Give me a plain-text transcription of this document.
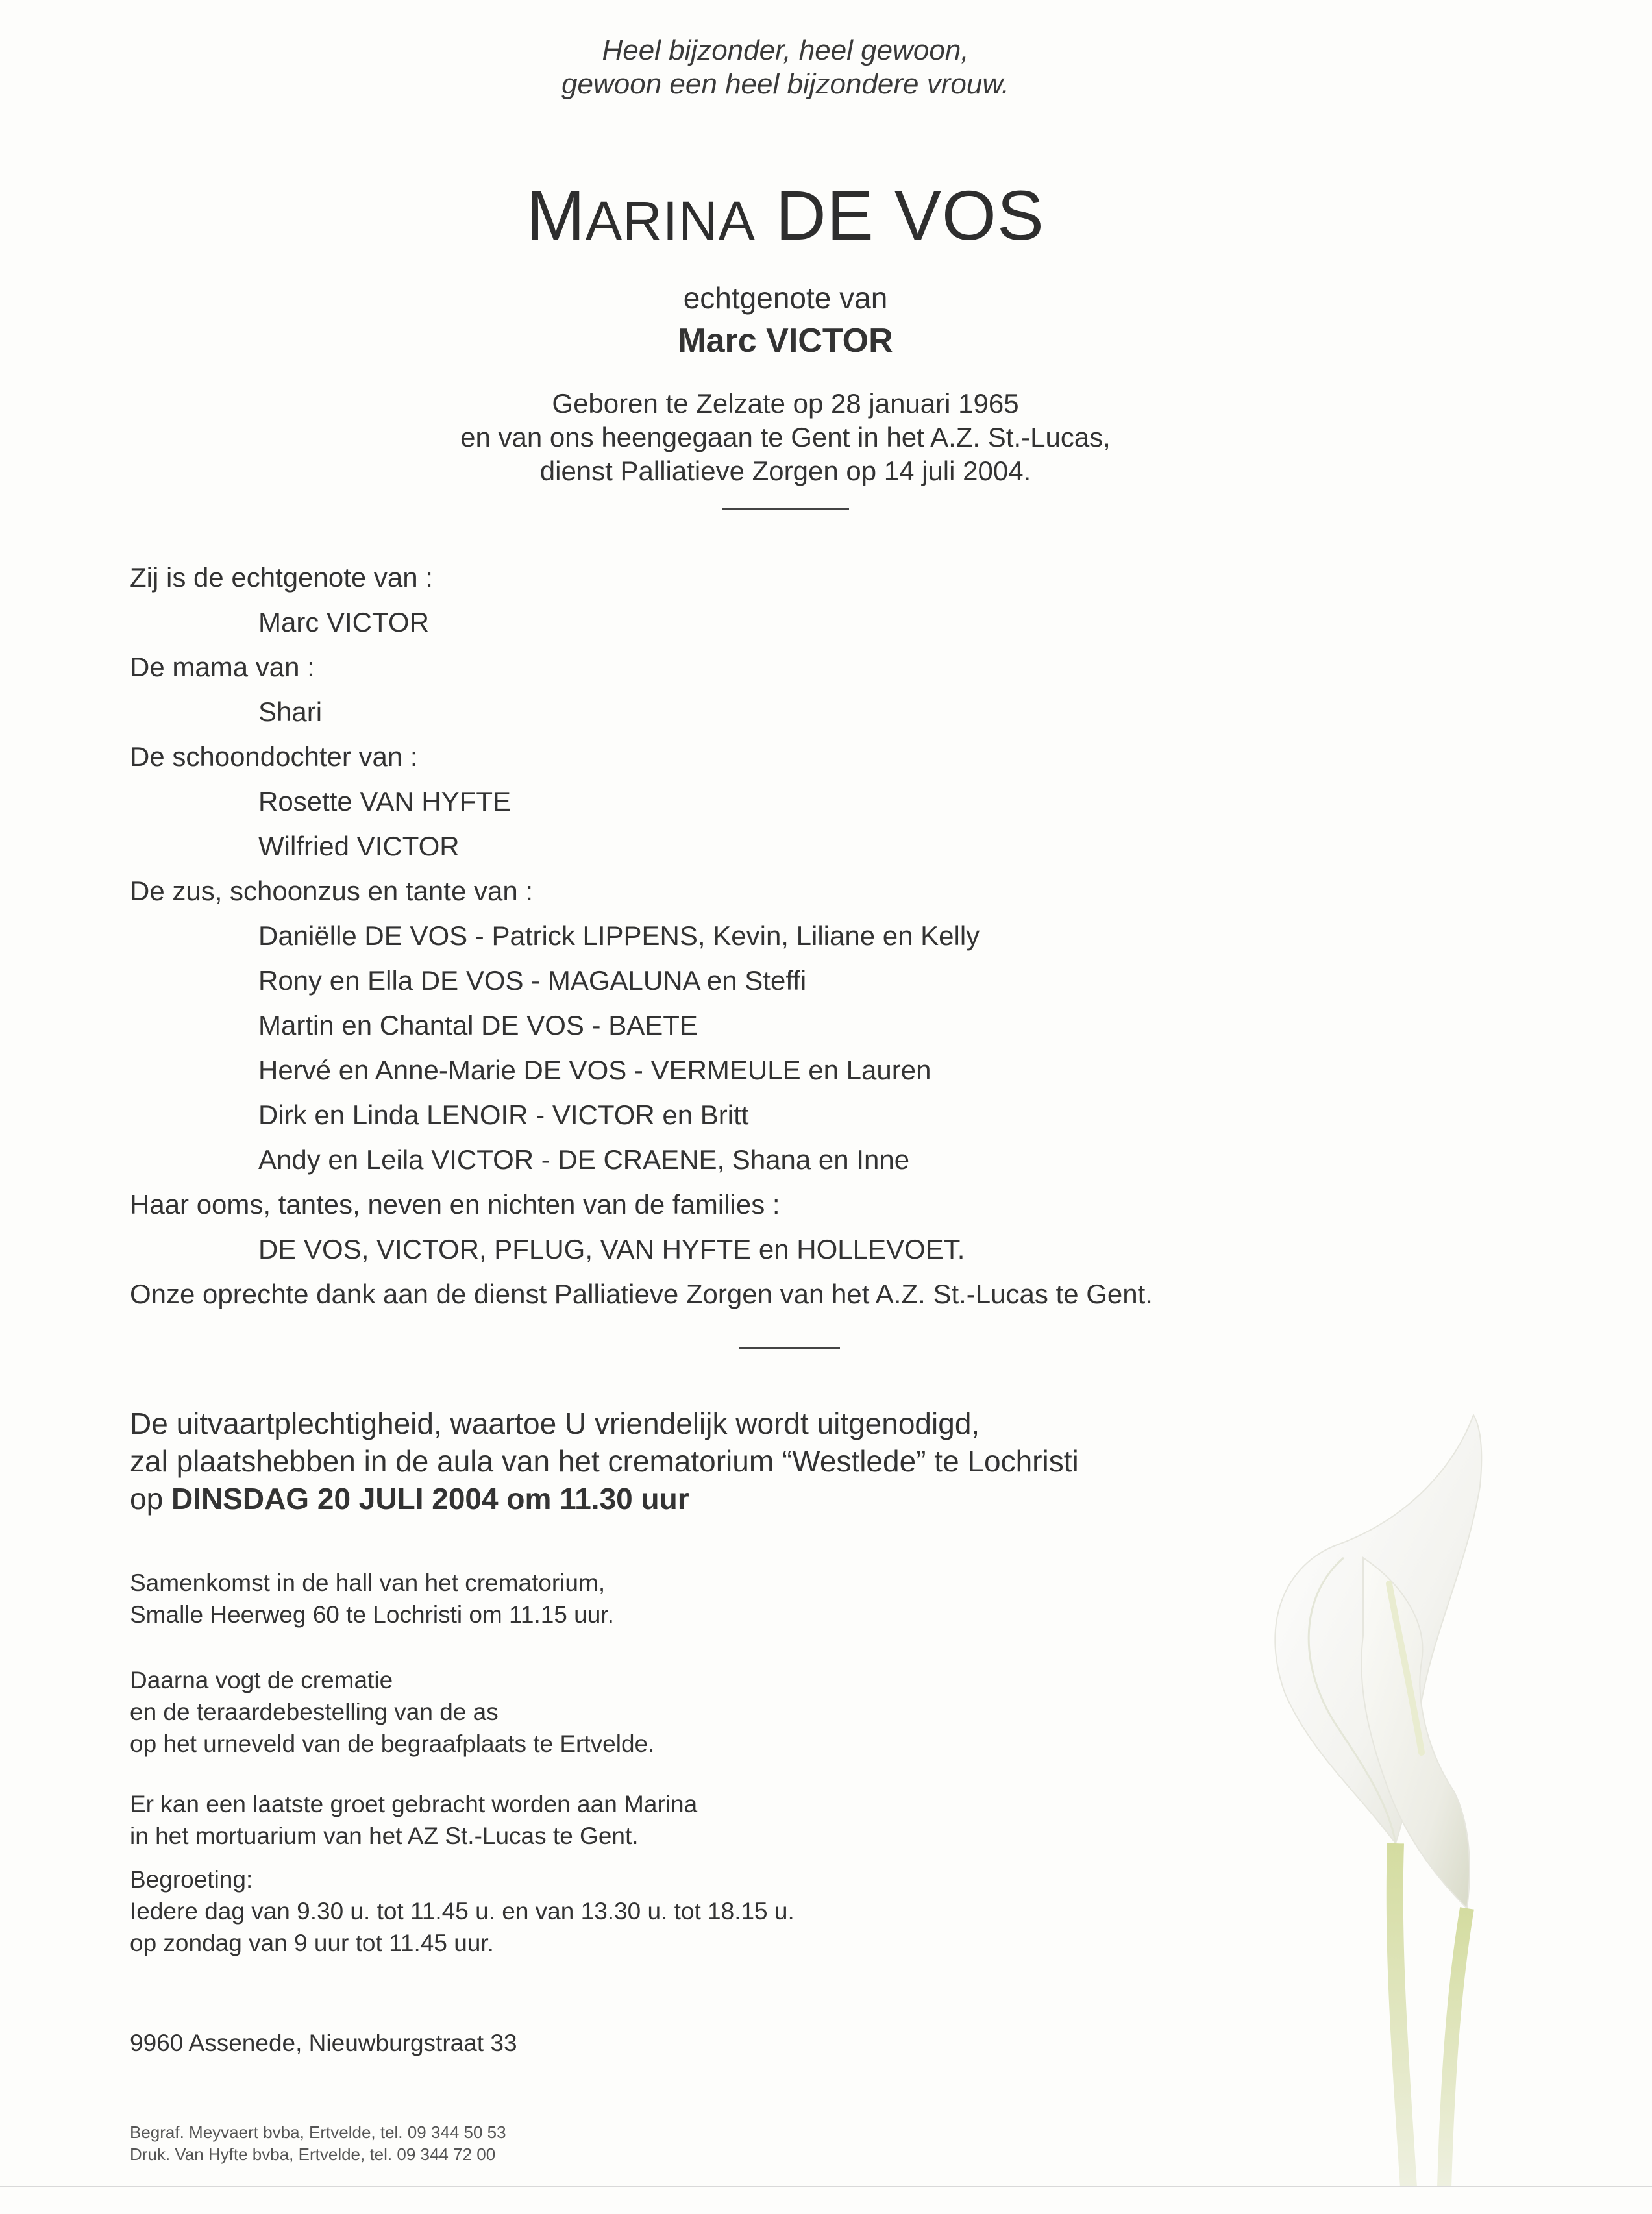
Heel bijzonder, heel gewoon,
gewoon een heel bijzondere vrouw.
MARINA DE VOS
echtgenote van
Marc VICTOR
Geboren te Zelzate op 28 januari 1965
en van ons heengegaan te Gent in het A.Z. St.-Lucas,
dienst Palliatieve Zorgen op 14 juli 2004.
Zij is de echtgenote van :
Marc VICTOR
De mama van :
Shari
De schoondochter van :
Rosette VAN HYFTE
Wilfried VICTOR
De zus, schoonzus en tante van :
Daniëlle DE VOS - Patrick LIPPENS, Kevin, Liliane en Kelly
Rony en Ella DE VOS - MAGALUNA en Steffi
Martin en Chantal DE VOS - BAETE
Hervé en Anne-Marie DE VOS - VERMEULE en Lauren
Dirk en Linda LENOIR - VICTOR en Britt
Andy en Leila VICTOR - DE CRAENE, Shana en Inne
Haar ooms, tantes, neven en nichten van de families :
DE VOS, VICTOR, PFLUG, VAN HYFTE en HOLLEVOET.
Onze oprechte dank aan de dienst Palliatieve Zorgen van het A.Z. St.-Lucas te Gent.
De uitvaartplechtigheid, waartoe U vriendelijk wordt uitgenodigd,
zal plaatshebben in de aula van het crematorium “Westlede” te Lochristi
op DINSDAG 20 JULI 2004 om 11.30 uur
Samenkomst in de hall van het crematorium,
Smalle Heerweg 60 te Lochristi om 11.15 uur.
Daarna vogt de crematie
en de teraardebestelling van de as
op het urneveld van de begraafplaats te Ertvelde.
Er kan een laatste groet gebracht worden aan Marina
in het mortuarium van het AZ St.-Lucas te Gent.
Begroeting:
Iedere dag van 9.30 u. tot 11.45 u. en van 13.30 u. tot 18.15 u.
op zondag van 9 uur tot 11.45 uur.
9960 Assenede, Nieuwburgstraat 33
Begraf. Meyvaert bvba, Ertvelde, tel. 09 344 50 53
Druk. Van Hyfte bvba, Ertvelde, tel. 09 344 72 00
